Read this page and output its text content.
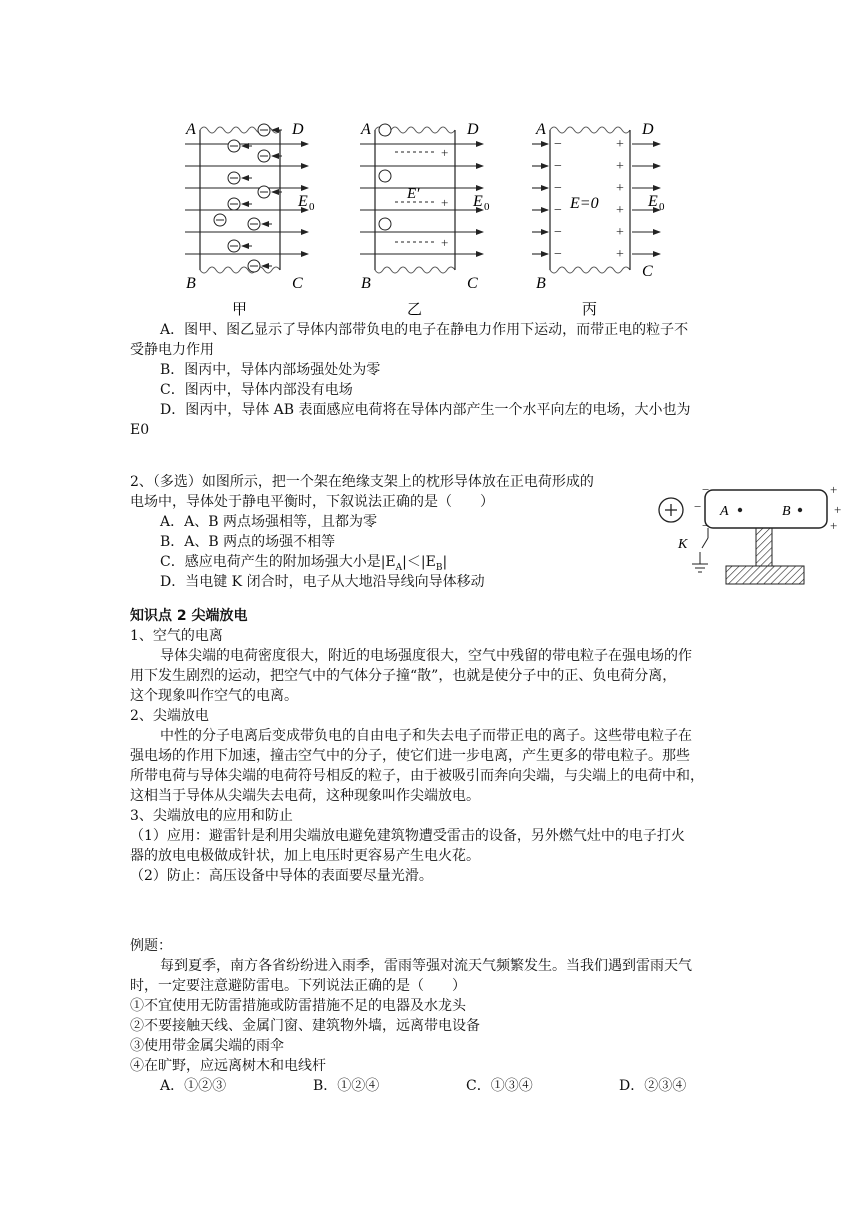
A	D
B	C
E 0
甲
+
+
+
E′
A	D
B	C
E 0
乙
−
−
−
−
−
−
+
+
+
+
+
+
E=0
A	D
B
C
E 0
丙
A．图甲、图乙显示了导体内部带负电的电子在静电力作用下运动，而带正电的粒子不
受静电力作用
B．图丙中，导体内部场强处处为零
C．图丙中，导体内部没有电场
D．图丙中，导体 AB 表面感应电荷将在导体内部产生一个水平向左的电场，大小也为
E0
2、（多选）如图所示，把一个架在绝缘支架上的枕形导体放在正电荷形成的
电场中，导体处于静电平衡时，下叙说法正确的是（　　）
A．A、B 两点场强相等，且都为零
B．A、B 两点的场强不相等
C．感应电荷产生的附加场强大小是$|E_A|<|E_B|$
D．当电键 K 闭合时，电子从大地沿导线向导体移动
−
−
−
+
+
+
A	B
K
知识点 2 尖端放电
1、空气的电离
导体尖端的电荷密度很大，附近的电场强度很大，空气中残留的带电粒子在强电场的作
用下发生剧烈的运动，把空气中的气体分子撞“散”，也就是使分子中的正、负电荷分离，
这个现象叫作空气的电离。
2、尖端放电
中性的分子电离后变成带负电的自由电子和失去电子而带正电的离子。这些带电粒子在
强电场的作用下加速，撞击空气中的分子，使它们进一步电离，产生更多的带电粒子。那些
所带电荷与导体尖端的电荷符号相反的粒子，由于被吸引而奔向尖端，与尖端上的电荷中和，
这相当于导体从尖端失去电荷，这种现象叫作尖端放电。
3、尖端放电的应用和防止
（1）应用：避雷针是利用尖端放电避免建筑物遭受雷击的设备，另外燃气灶中的电子打火
器的放电电极做成针状，加上电压时更容易产生电火花。
（2）防止：高压设备中导体的表面要尽量光滑。
例题：
每到夏季，南方各省纷纷进入雨季，雷雨等强对流天气频繁发生。当我们遇到雷雨天气
时，一定要注意避防雷电。下列说法正确的是（　　）
①不宜使用无防雷措施或防雷措施不足的电器及水龙头
②不要接触天线、金属门窗、建筑物外墙，远离带电设备
③使用带金属尖端的雨伞
④在旷野，应远离树木和电线杆
A．①②③	B．①②④	C．①③④	D．②③④
